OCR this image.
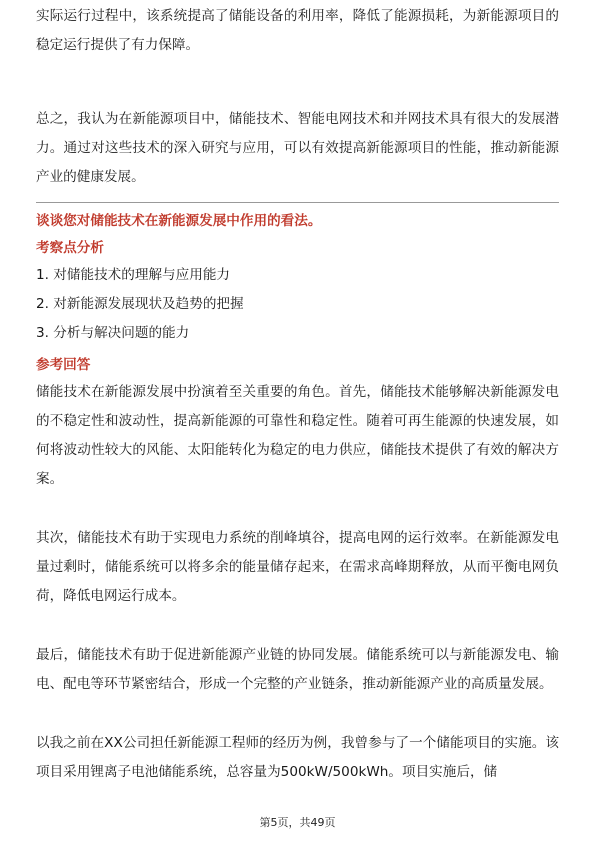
实际运行过程中，该系统提高了储能设备的利用率，降低了能源损耗，为新能源项目的稳定运行提供了有力保障。

总之，我认为在新能源项目中，储能技术、智能电网技术和并网技术具有很大的发展潜力。通过对这些技术的深入研究与应用，可以有效提高新能源项目的性能，推动新能源产业的健康发展。

谈谈您对储能技术在新能源发展中作用的看法。

考察点分析

1. 对储能技术的理解与应用能力

2. 对新能源发展现状及趋势的把握

3. 分析与解决问题的能力

参考回答

储能技术在新能源发展中扮演着至关重要的角色。首先，储能技术能够解决新能源发电的不稳定性和波动性，提高新能源的可靠性和稳定性。随着可再生能源的快速发展，如何将波动性较大的风能、太阳能转化为稳定的电力供应，储能技术提供了有效的解决方案。

其次，储能技术有助于实现电力系统的削峰填谷，提高电网的运行效率。在新能源发电量过剩时，储能系统可以将多余的能量储存起来，在需求高峰期释放，从而平衡电网负荷，降低电网运行成本。

最后，储能技术有助于促进新能源产业链的协同发展。储能系统可以与新能源发电、输电、配电等环节紧密结合，形成一个完整的产业链条，推动新能源产业的高质量发展。

以我之前在XX公司担任新能源工程师的经历为例，我曾参与了一个储能项目的实施。该项目采用锂离子电池储能系统，总容量为500kW/500kWh。项目实施后，储

第5页，共49页
